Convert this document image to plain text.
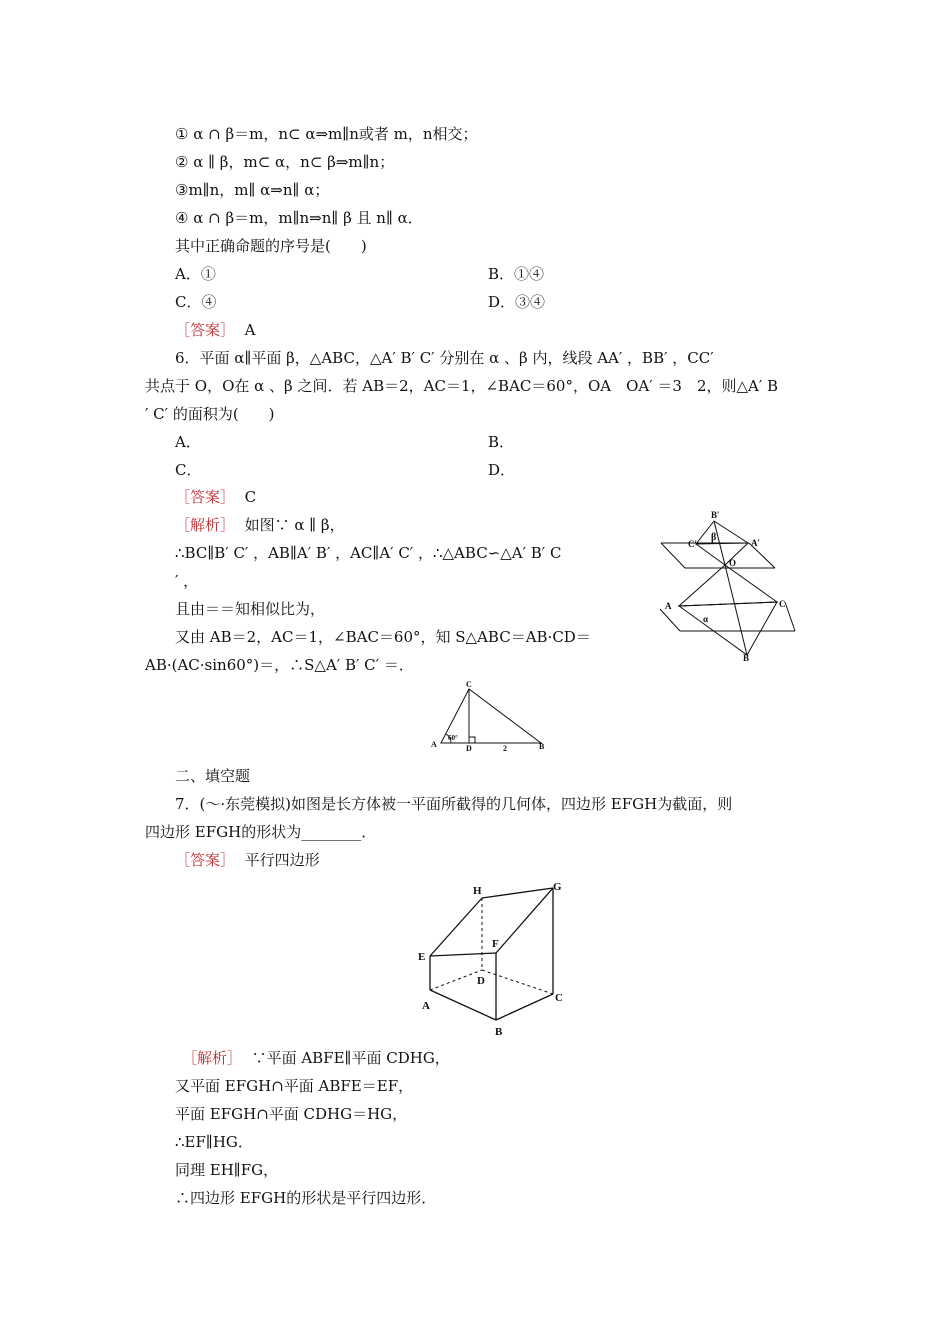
① α ∩ β＝m，n⊂ α⇒m∥n或者 m，n相交；
② α ∥ β，m⊂ α，n⊂ β⇒m∥n；
③m∥n，m∥ α⇒n∥ α；
④ α ∩ β＝m，m∥n⇒n∥ β 且 n∥ α．
其中正确命题的序号是(　　)
A．①	B．①④
C．④	D．③④
［答案］ A
6．平面 α∥平面 β，△ABC，△A′ B′ C′ 分别在 α 、β 内，线段 AA′ ，BB′ ，CC′
共点于 O，O在 α 、β 之间．若 AB＝2，AC＝1，∠BAC＝60°，OA　OA′ ＝3　2，则△A′ B
′ C′ 的面积为(　　)
A．	B．
C．	D．
［答案］ C
［解析］ 如图∵ α ∥ β，
∴BC∥B′ C′ ，AB∥A′ B′ ，AC∥A′ C′ ，∴△ABC∽△A′ B′ C
′ ，
且由＝＝知相似比为，
又由 AB＝2，AC＝1，∠BAC＝60°，知 S△ABC＝AB·CD＝
AB·(AC·sin60°)＝，∴S△A′ B′ C′ ＝．
B′
C′	A′
β
O
A	C
α
B
C
A	D	B
60°
2
二、填空题
7．(～·东莞模拟)如图是长方体被一平面所截得的几何体，四边形 EFGH为截面，则
四边形 EFGH的形状为________．
［答案］ 平行四边形
H	G
E
F
D
A
C
B
［解析］ ∵平面 ABFE∥平面 CDHG，
又平面 EFGH∩平面 ABFE＝EF，
平面 EFGH∩平面 CDHG＝HG，
∴EF∥HG．
同理 EH∥FG，
∴四边形 EFGH的形状是平行四边形．
